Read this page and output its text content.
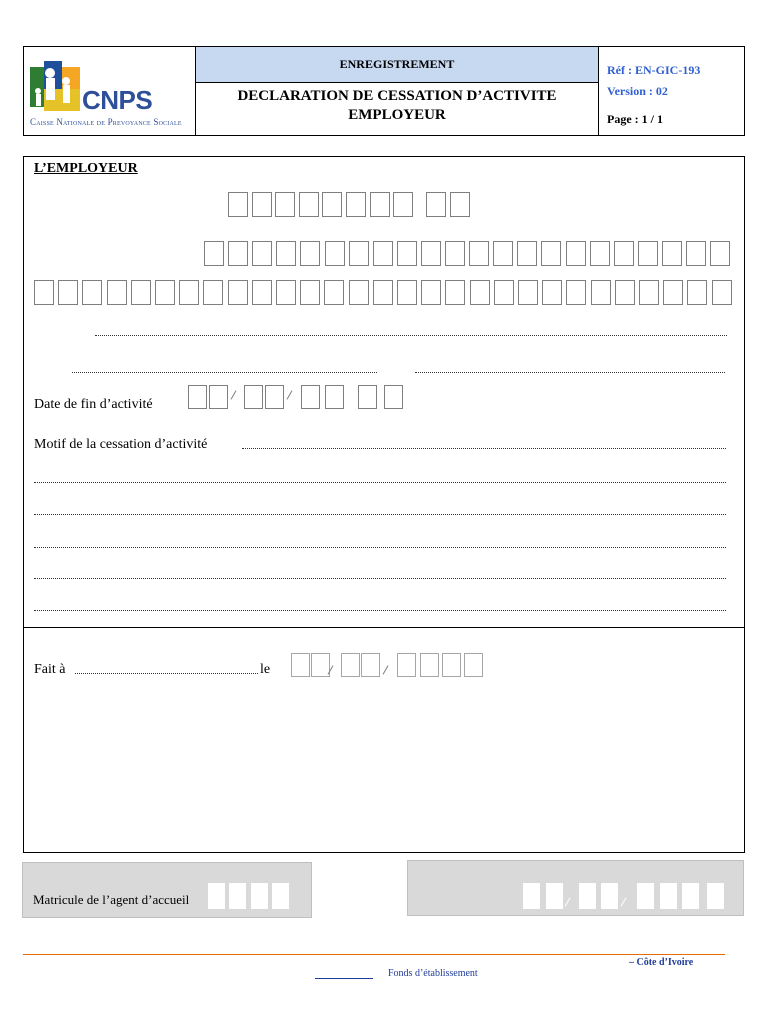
CNPS
Caisse Nationale de Prevoyance Sociale
ENREGISTREMENT
DECLARATION DE CESSATION D’ACTIVITE
EMPLOYEUR
Réf : EN-GIC-193
Version : 02
Page : 1 / 1
L’EMPLOYEUR
Date de fin d’activité
Motif de la cessation d’activité
Fait à	le
Matricule de l’agent d’accueil
– Côte d’Ivoire
Fonds d’établissement
